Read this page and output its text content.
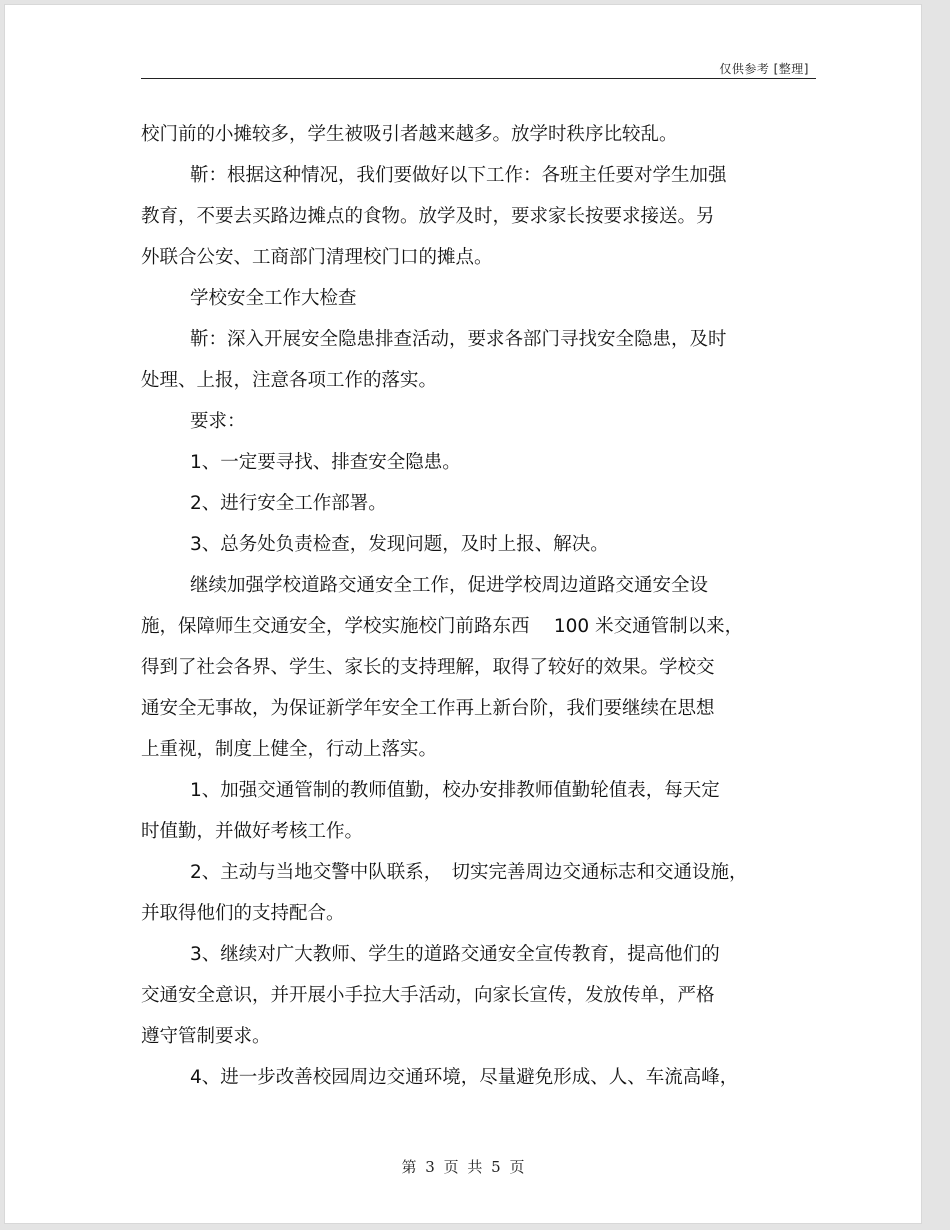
仅供参考 [整理]
校门前的小摊较多，学生被吸引者越来越多。放学时秩序比较乱。
靳：根据这种情况，我们要做好以下工作：各班主任要对学生加强
教育，不要去买路边摊点的食物。放学及时，要求家长按要求接送。另
外联合公安、工商部门清理校门口的摊点。
学校安全工作大检查
靳：深入开展安全隐患排查活动，要求各部门寻找安全隐患，及时
处理、上报，注意各项工作的落实。
要求：
1、一定要寻找、排查安全隐患。
2、进行安全工作部署。
3、总务处负责检查，发现问题，及时上报、解决。
继续加强学校道路交通安全工作，促进学校周边道路交通安全设
施，保障师生交通安全，学校实施校门前路东西　 100 米交通管制以来，
得到了社会各界、学生、家长的支持理解，取得了较好的效果。学校交
通安全无事故，为保证新学年安全工作再上新台阶，我们要继续在思想
上重视，制度上健全，行动上落实。
1、加强交通管制的教师值勤，校办安排教师值勤轮值表，每天定
时值勤，并做好考核工作。
2、主动与当地交警中队联系，　切实完善周边交通标志和交通设施，
并取得他们的支持配合。
3、继续对广大教师、学生的道路交通安全宣传教育，提高他们的
交通安全意识，并开展小手拉大手活动，向家长宣传，发放传单，严格
遵守管制要求。
4、进一步改善校园周边交通环境，尽量避免形成、人、车流高峰，
第 3 页 共 5 页
